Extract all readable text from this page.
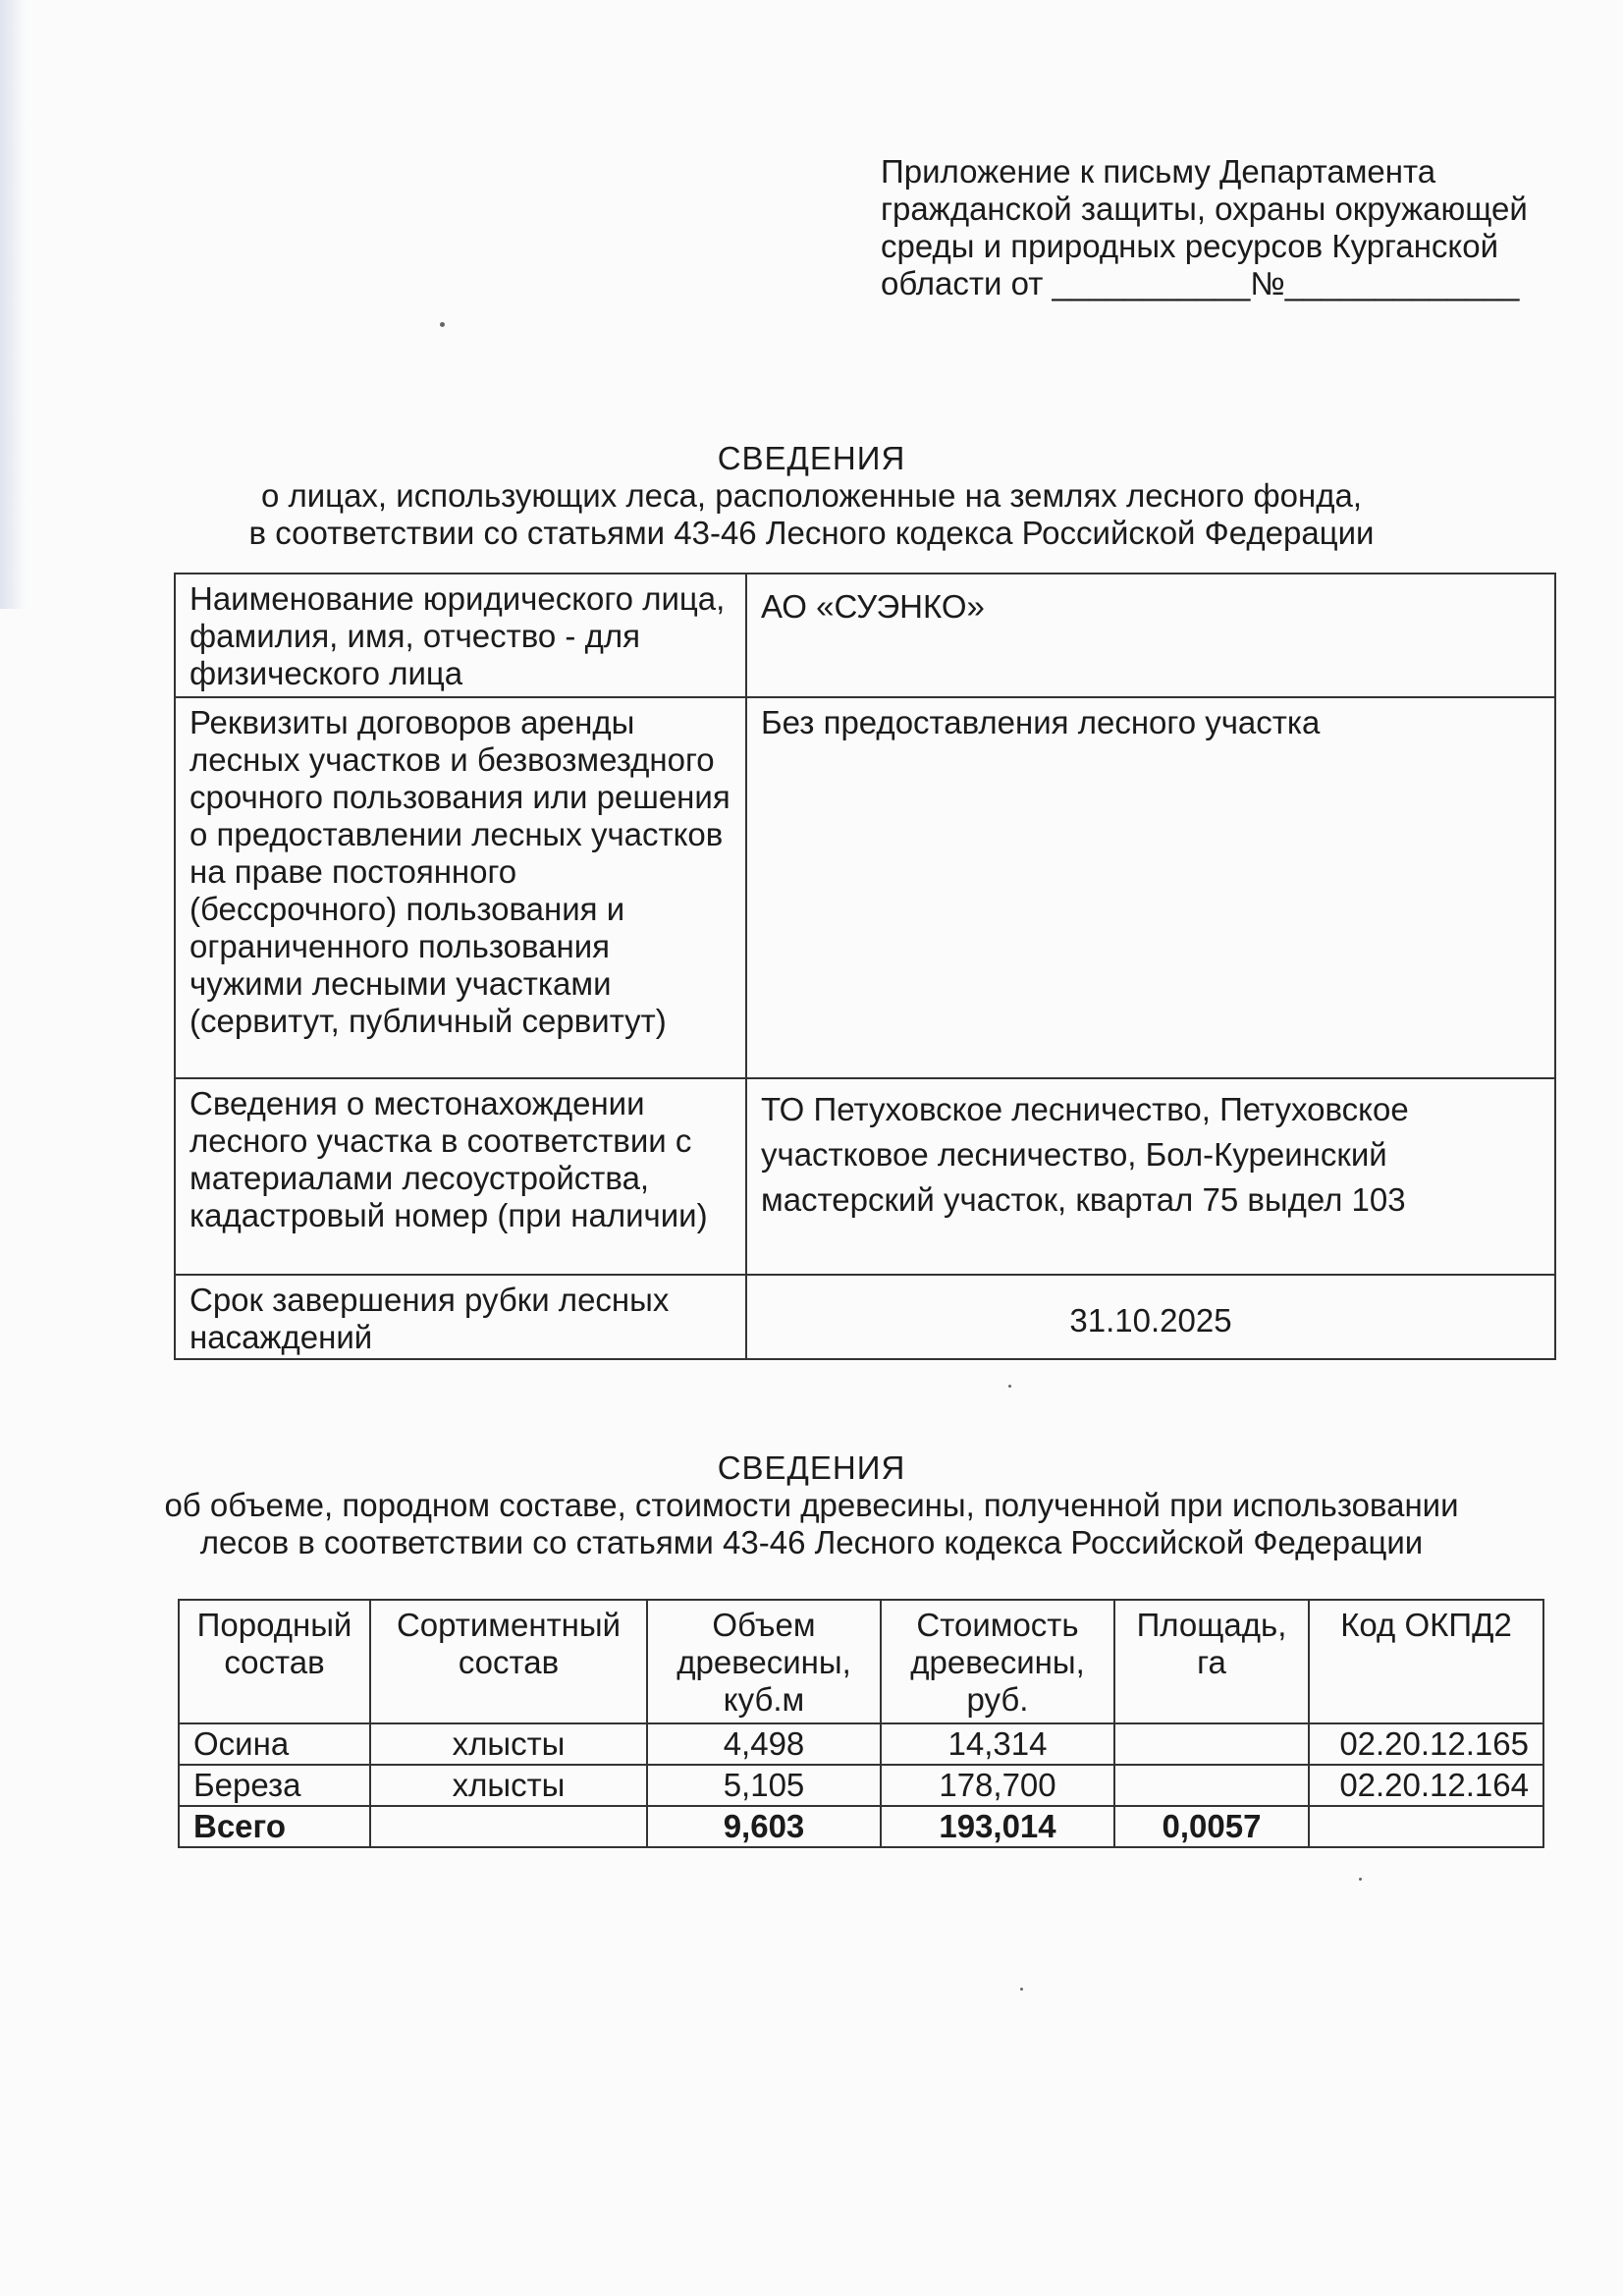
Приложение к письму Департамента
гражданской защиты, охраны окружающей
среды и природных ресурсов Курганской
области от ___________№_____________
СВЕДЕНИЯ
о лицах, использующих леса, расположенные на землях лесного фонда,
в соответствии со статьями 43-46 Лесного кодекса Российской Федерации
Наименование юридического лица, фамилия, имя, отчество - для физического лица	АО «СУЭНКО»
Реквизиты договоров аренды лесных участков и безвозмездного срочного пользования или решения о предоставлении лесных участков на праве постоянного (бессрочного) пользования и ограниченного пользования чужими лесными участками (сервитут, публичный сервитут)	Без предоставления лесного участка
Сведения о местонахождении лесного участка в соответствии с материалами лесоустройства, кадастровый номер (при наличии)	ТО Петуховское лесничество, Петуховское участковое лесничество, Бол-Куреинский мастерский участок, квартал 75 выдел 103
Срок завершения рубки лесных насаждений	31.10.2025
СВЕДЕНИЯ
об объеме, породном составе, стоимости древесины, полученной при использовании
лесов в соответствии со статьями 43-46 Лесного кодекса Российской Федерации
Породный состав	Сортиментный состав	Объем древесины, куб.м	Стоимость древесины, руб.	Площадь, га	Код ОКПД2
Осина	хлысты	4,498	14,314		02.20.12.165
Береза	хлысты	5,105	178,700		02.20.12.164
Всего		9,603	193,014	0,0057	
